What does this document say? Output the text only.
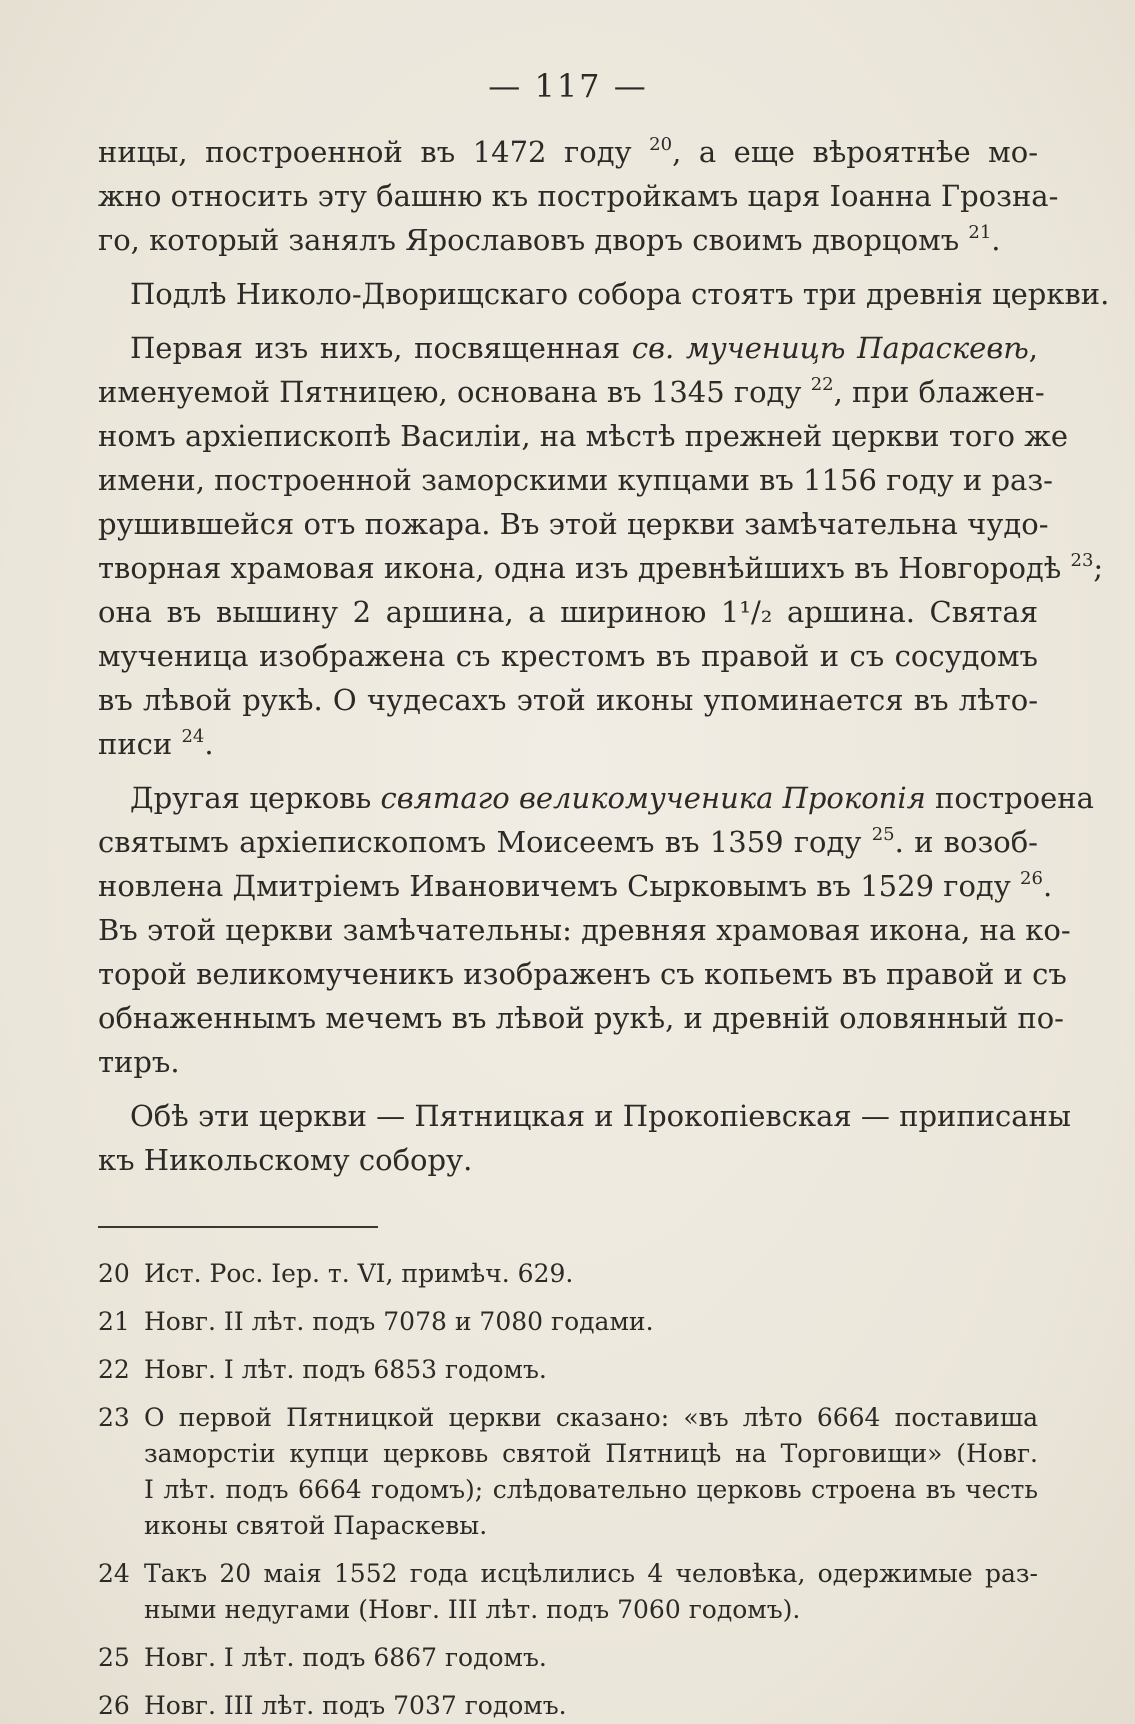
— 117 —
ницы, построенной въ 1472 году $^{20}$, а еще вѣроятнѣе мо-
жно относить эту башню къ постройкамъ царя Іоанна Грозна-
го, который занялъ Ярославовъ дворъ своимъ дворцомъ $^{21}$.
Подлѣ Николо-Дворищскаго собора стоятъ три древнія церкви.
Первая изъ нихъ, посвященная св. мученицѣ Параскевѣ,
именуемой Пятницею, основана въ 1345 году $^{22}$, при блажен-
номъ архіепископѣ Василіи, на мѣстѣ прежней церкви того же
имени, построенной заморскими купцами въ 1156 году и раз-
рушившейся отъ пожара. Въ этой церкви замѣчательна чудо-
творная храмовая икона, одна изъ древнѣйшихъ въ Новгородѣ $^{23}$;
она въ вышину 2 аршина, а шириною 1¹/₂ аршина. Святая
мученица изображена съ крестомъ въ правой и съ сосудомъ
въ лѣвой рукѣ. О чудесахъ этой иконы упоминается въ лѣто-
писи $^{24}$.
Другая церковь святаго великомученика Прокопія построена
святымъ архіепископомъ Моисеемъ въ 1359 году $^{25}$. и возоб-
новлена Дмитріемъ Ивановичемъ Сырковымъ въ 1529 году $^{26}$.
Въ этой церкви замѣчательны: древняя храмовая икона, на ко-
торой великомученикъ изображенъ съ копьемъ въ правой и съ
обнаженнымъ мечемъ въ лѣвой рукѣ, и древній оловянный по-
тиръ.
Обѣ эти церкви — Пятницкая и Прокопіевская — приписаны
къ Никольскому собору.
20 Ист. Рос. Іер. т. VI, примѣч. 629.
21 Новг. II лѣт. подъ 7078 и 7080 годами.
22 Новг. I лѣт. подъ 6853 годомъ.
23 О первой Пятницкой церкви сказано: «въ лѣто 6664 поставиша
заморстіи купци церковь святой Пятницѣ на Торговищи» (Новг.
I лѣт. подъ 6664 годомъ); слѣдовательно церковь строена въ честь
иконы святой Параскевы.
24 Такъ 20 маія 1552 года исцѣлились 4 человѣка, одержимые раз-
ными недугами (Новг. III лѣт. подъ 7060 годомъ).
25 Новг. I лѣт. подъ 6867 годомъ.
26 Новг. III лѣт. подъ 7037 годомъ.
